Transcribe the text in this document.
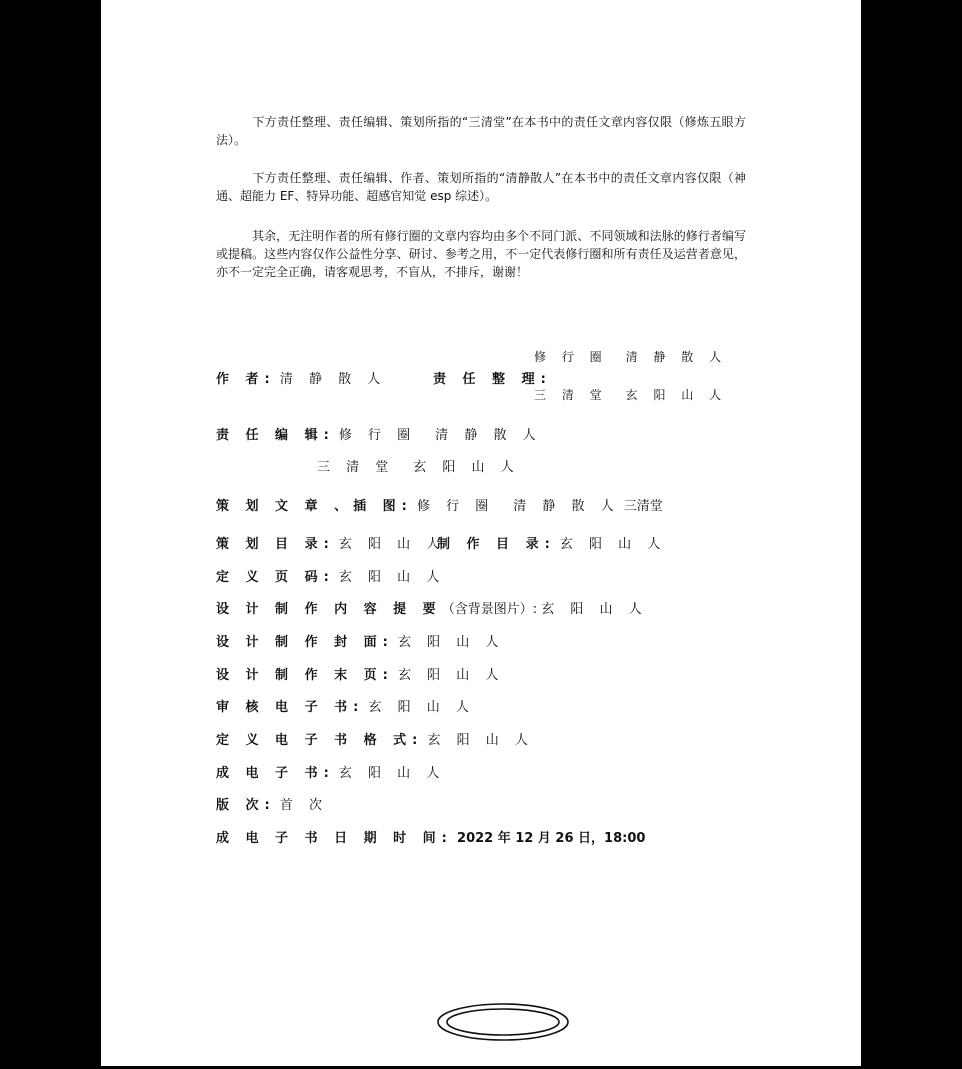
下方责任整理、责任编辑、策划所指的“三清堂”在本书中的责任文章内容仅限（修炼五眼方法）。

下方责任整理、责任编辑、作者、策划所指的“清静散人”在本书中的责任文章内容仅限（神通、超能力 EF、特异功能、超感官知觉 esp 综述）。

其余，无注明作者的所有修行圈的文章内容均由多个不同门派、不同领域和法脉的修行者编写或提稿。这些内容仅作公益性分享、研讨、参考之用，不一定代表修行圈和所有责任及运营者意见，亦不一定完全正确，请客观思考，不盲从，不排斥，谢谢！

作 者: 清 静 散 人	责 任 整 理:
修 行 圈　清 静 散 人
三 清 堂　玄 阳 山 人
责 任 编 辑: 修 行 圈　清 静 散 人
三 清 堂　玄 阳 山 人
策 划 文 章 、插 图: 修 行 圈　清 静 散 人 三清堂
策 划 目 录: 玄 阳 山 人
制 作 目 录: 玄 阳 山 人
定 义 页 码: 玄 阳 山 人
设 计 制 作 内 容 提 要（含背景图片）: 玄 阳 山 人
设 计 制 作 封 面: 玄 阳 山 人
设 计 制 作 末 页: 玄 阳 山 人
审 核 电 子 书: 玄 阳 山 人
定 义 电 子 书 格 式: 玄 阳 山 人
成 电 子 书: 玄 阳 山 人
版 次: 首 次
成 电 子 书 日 期 时 间: 2022 年 12 月 26 日，18:00
